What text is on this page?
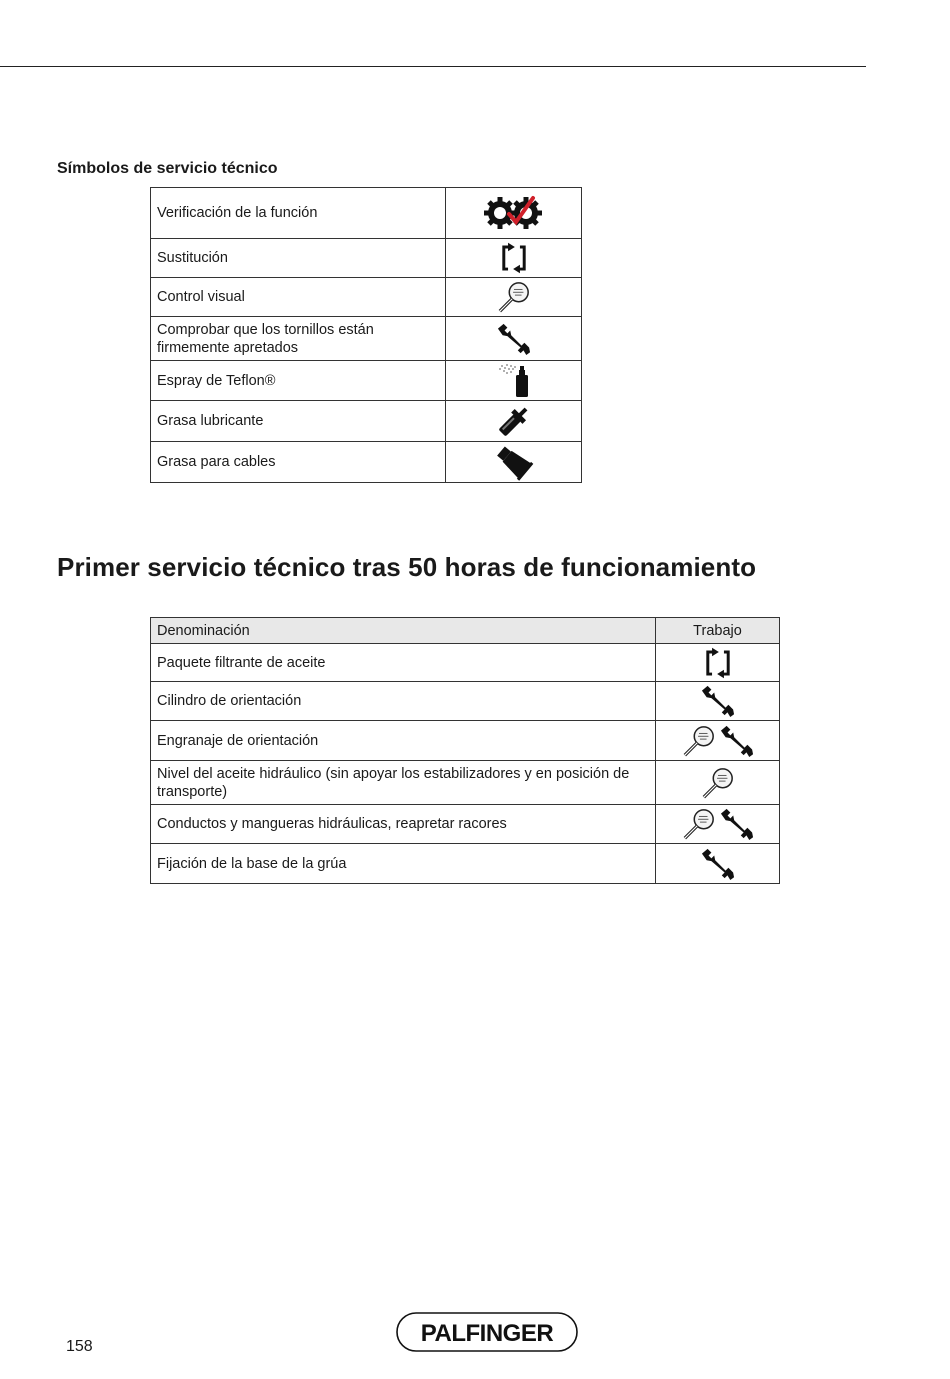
Símbolos de servicio técnico
Verificación de la función	
Sustitución	
Control visual	
Comprobar que los tornillos están firmemente apretados	
Espray de Teflon®	
Grasa lubricante	
Grasa para cables	
Primer servicio técnico tras 50 horas de funcionamiento
Denominación	Trabajo
Paquete filtrante de aceite	
Cilindro de orientación	
Engranaje de orientación	
Nivel del aceite hidráulico (sin apoyar los estabilizadores y en posición de transporte)	
Conductos y mangueras hidráulicas, reapretar racores	
Fijación de la base de la grúa	
158	PALFINGER
